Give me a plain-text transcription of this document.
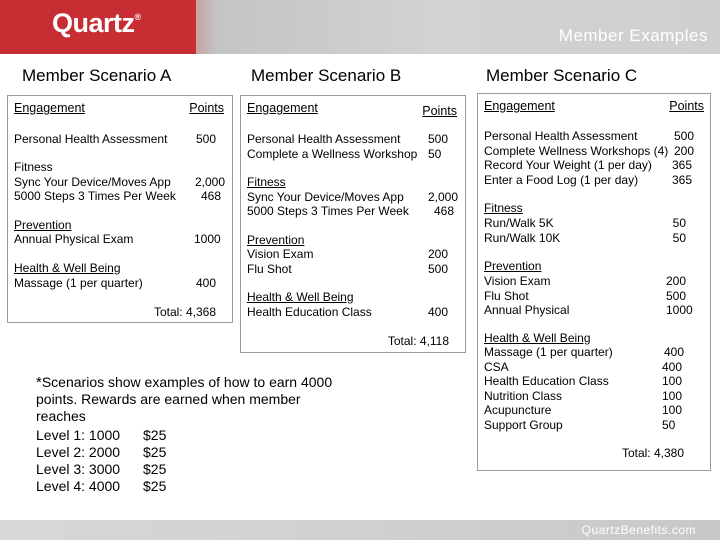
Quartz®
Member Examples
Member Scenario A	Member Scenario B	Member Scenario C
Engagement	Points
Personal Health Assessment 500
Fitness
Sync Your Device/Moves App 2,000
5000 Steps 3 Times Per Week 468
Prevention
Annual Physical Exam	1000
Health & Well Being
Massage (1 per quarter)	400
Total: 4,368
Engagement	Points
Personal Health Assessment 500
Complete a Wellness Workshop 50
Fitness
Sync Your Device/Moves App 2,000
5000 Steps 3 Times Per Week 468
Prevention
Vision Exam	200
Flu Shot	500
Health & Well Being
Health Education Class	400
Total: 4,118
Engagement	Points
Personal Health Assessment	500
Complete Wellness Workshops (4) 200
Record Your Weight (1 per day) 365
Enter a Food Log (1 per day)	365
Fitness
Run/Walk 5K	50
Run/Walk 10K	50
Prevention
Vision Exam	200
Flu Shot	500
Annual Physical	1000
Health & Well Being
Massage (1 per quarter)	400
CSA	400
Health Education Class	100
Nutrition Class	100
Acupuncture	100
Support Group	50
Total: 4,380
*Scenarios show examples of how to earn 4000
points. Rewards are earned when member
reaches
Level 1: 1000	$25
Level 2: 2000	$25
Level 3: 3000	$25
Level 4: 4000	$25
QuartzBenefits.com
